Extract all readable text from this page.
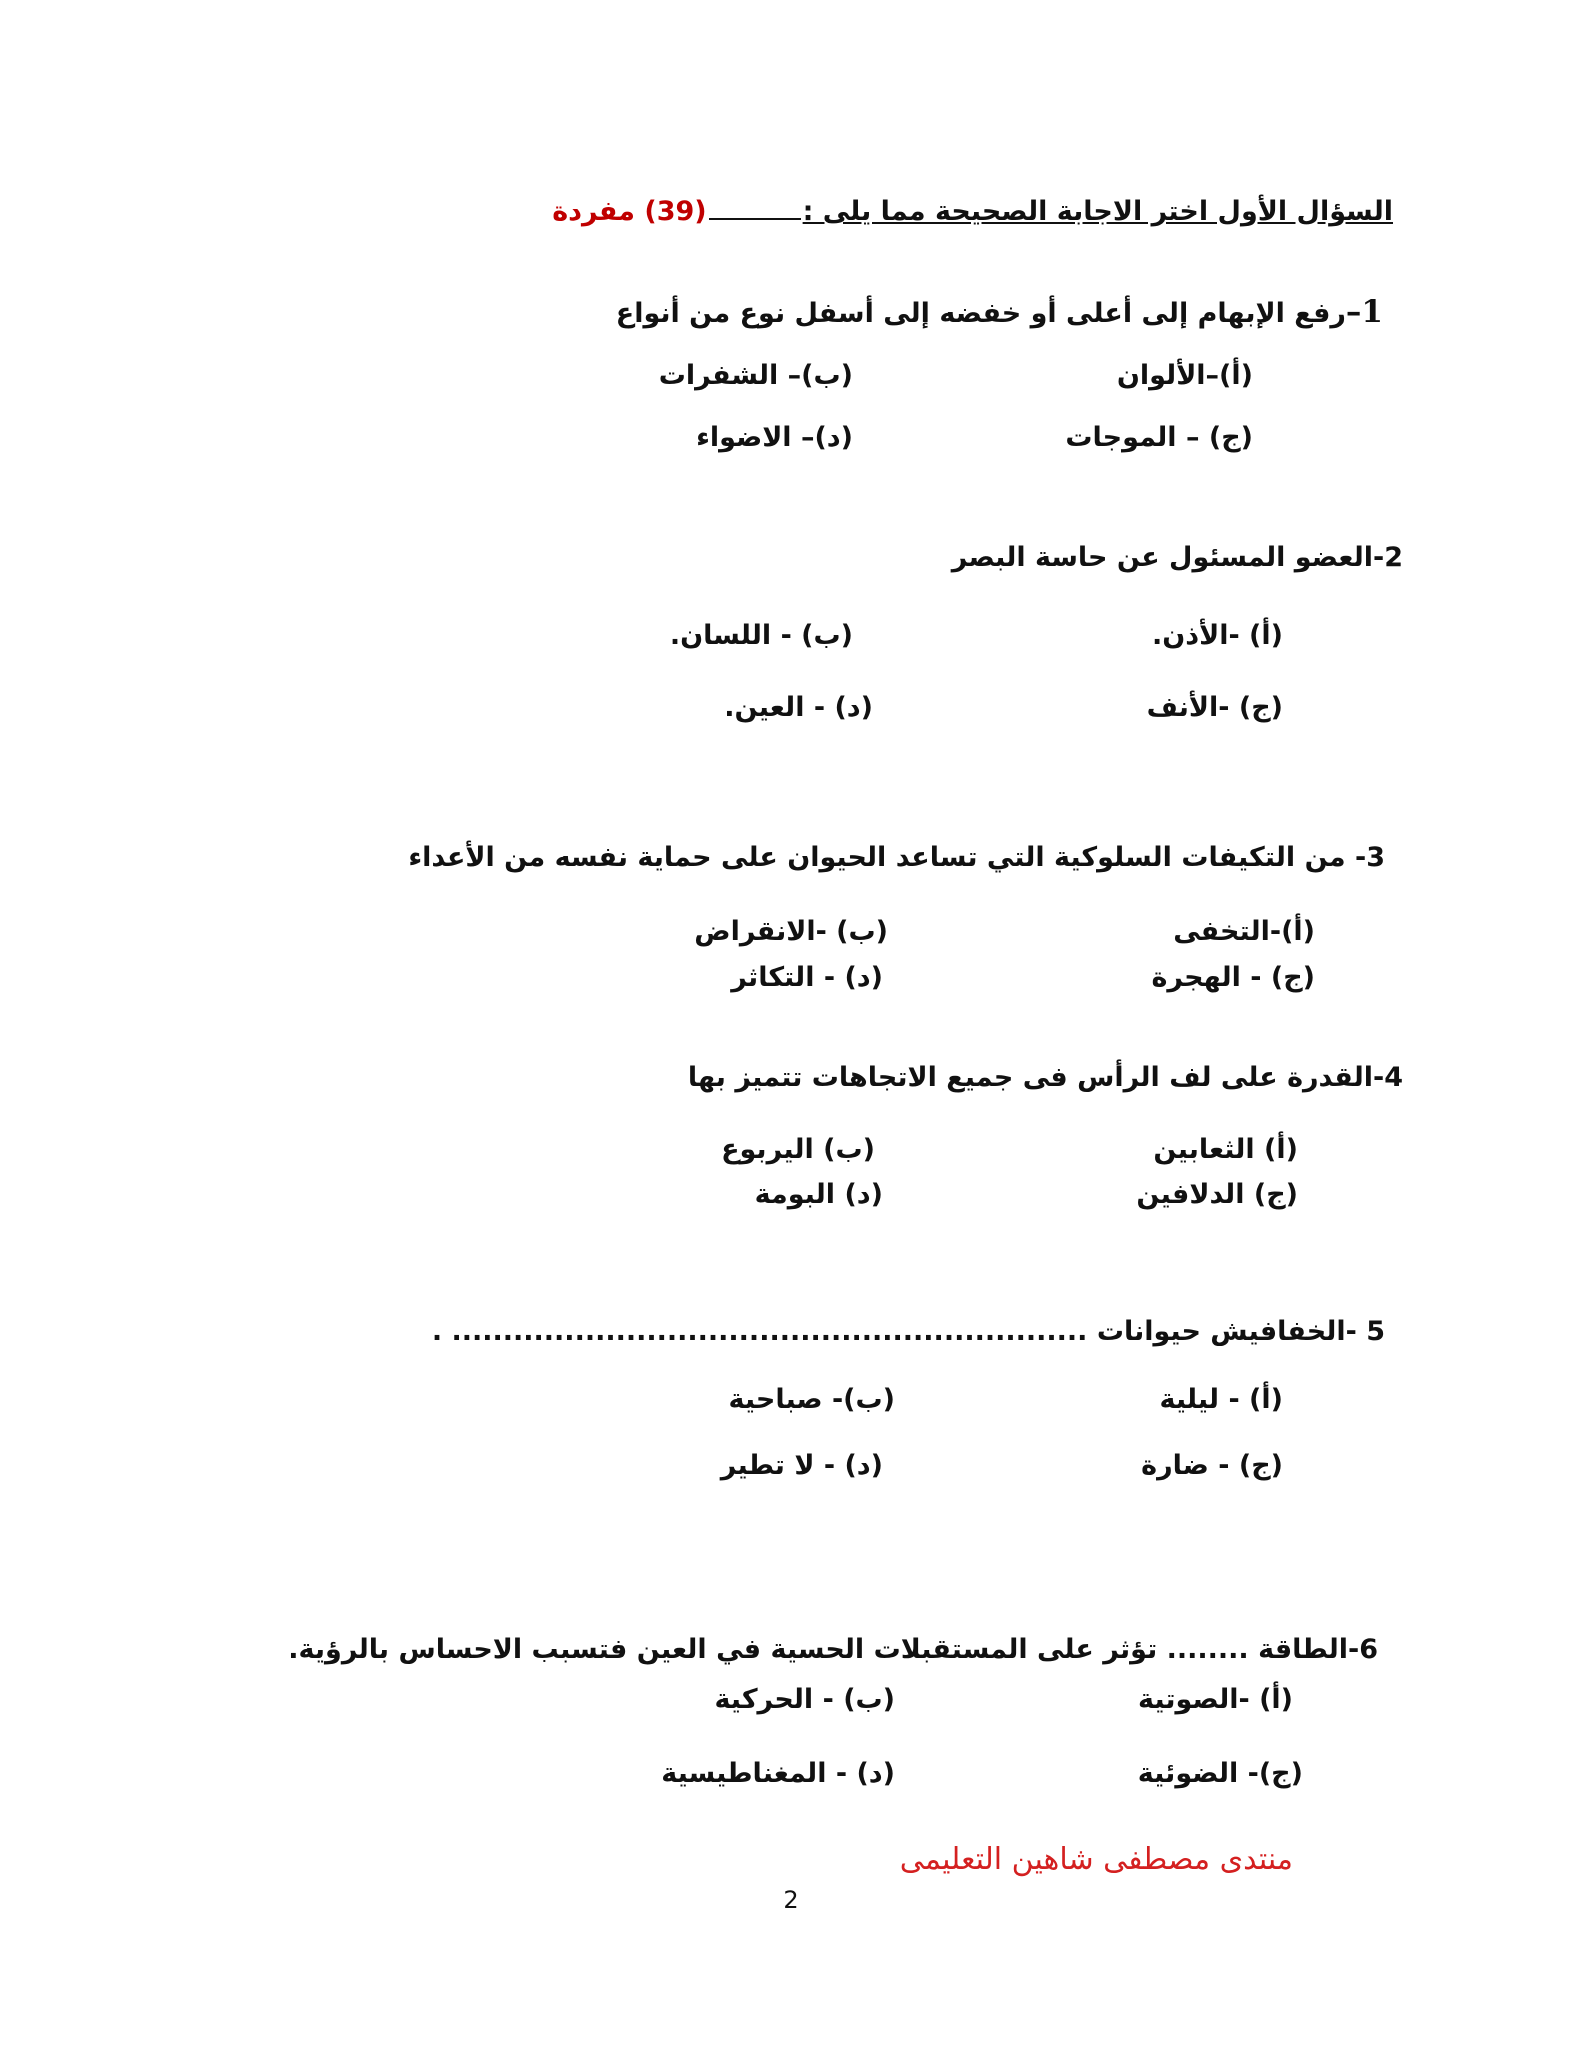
السؤال الأول اختر الاجابة الصحيحة مما يلى :(39) مفردة
1–رفع الإبهام إلى أعلى أو خفضه إلى أسفل نوع من أنواع
(أ)–الألوان
(ب)– الشفرات
(ج) – الموجات
(د)– الاضواء
2-العضو المسئول عن حاسة البصر
(أ) -الأذن.
(ب) - اللسان.
(ج) -الأنف
(د) - العين.
3- من التكيفات السلوكية التي تساعد الحيوان على حماية نفسه من الأعداء
(أ)-التخفى
(ب) -الانقراض
(ج) - الهجرة
(د) - التكاثر
4-القدرة على لف الرأس فى جميع الاتجاهات تتميز بها
(أ) الثعابين
(ب) اليربوع
(ج) الدلافين
(د) البومة
5 -الخفافيش حيوانات .............................................................. .
(أ) - ليلية
(ب)- صباحية
(ج) - ضارة
(د) - لا تطير
6-الطاقة ........ تؤثر على المستقبلات الحسية في العين فتسبب الاحساس بالرؤية.
(أ) -الصوتية
(ب) - الحركية
(ج)- الضوئية
(د) - المغناطيسية
منتدى مصطفى شاهين التعليمى
2
